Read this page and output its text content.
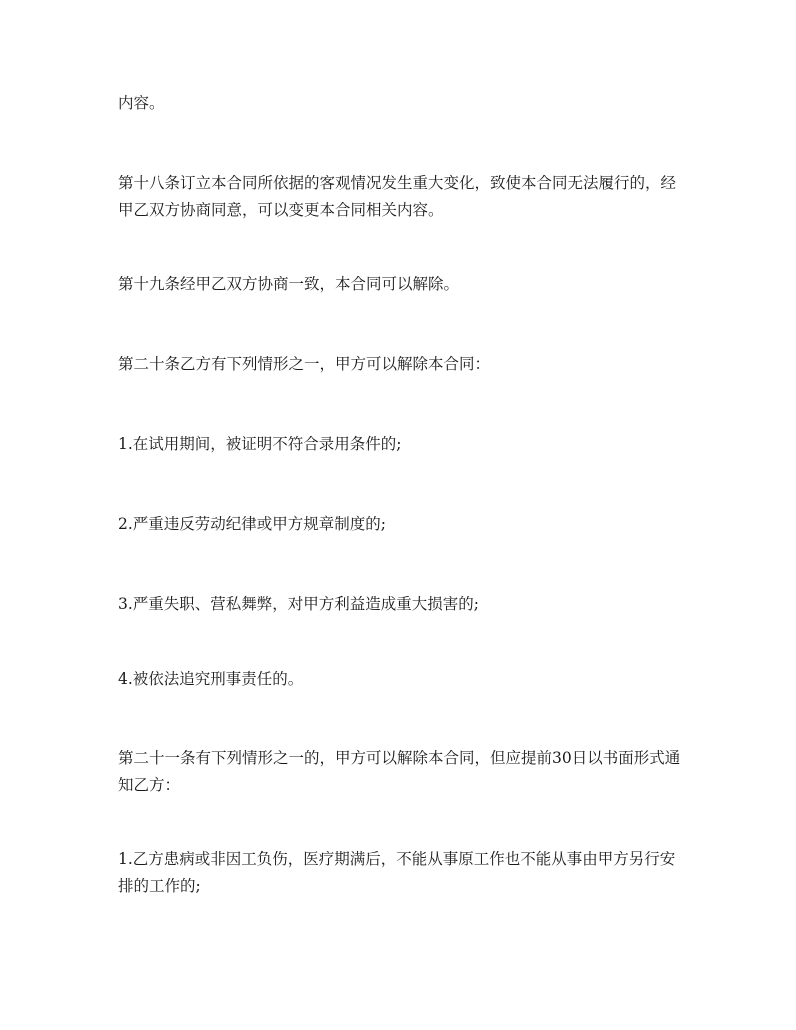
内容。

第十八条订立本合同所依据的客观情况发生重大变化，致使本合同无法履行的，经甲乙双方协商同意，可以变更本合同相关内容。

第十九条经甲乙双方协商一致，本合同可以解除。

第二十条乙方有下列情形之一，甲方可以解除本合同：

1.在试用期间，被证明不符合录用条件的;

2.严重违反劳动纪律或甲方规章制度的;

3.严重失职、营私舞弊，对甲方利益造成重大损害的;

4.被依法追究刑事责任的。

第二十一条有下列情形之一的，甲方可以解除本合同，但应提前30日以书面形式通知乙方：

1.乙方患病或非因工负伤，医疗期满后，不能从事原工作也不能从事由甲方另行安排的工作的;
